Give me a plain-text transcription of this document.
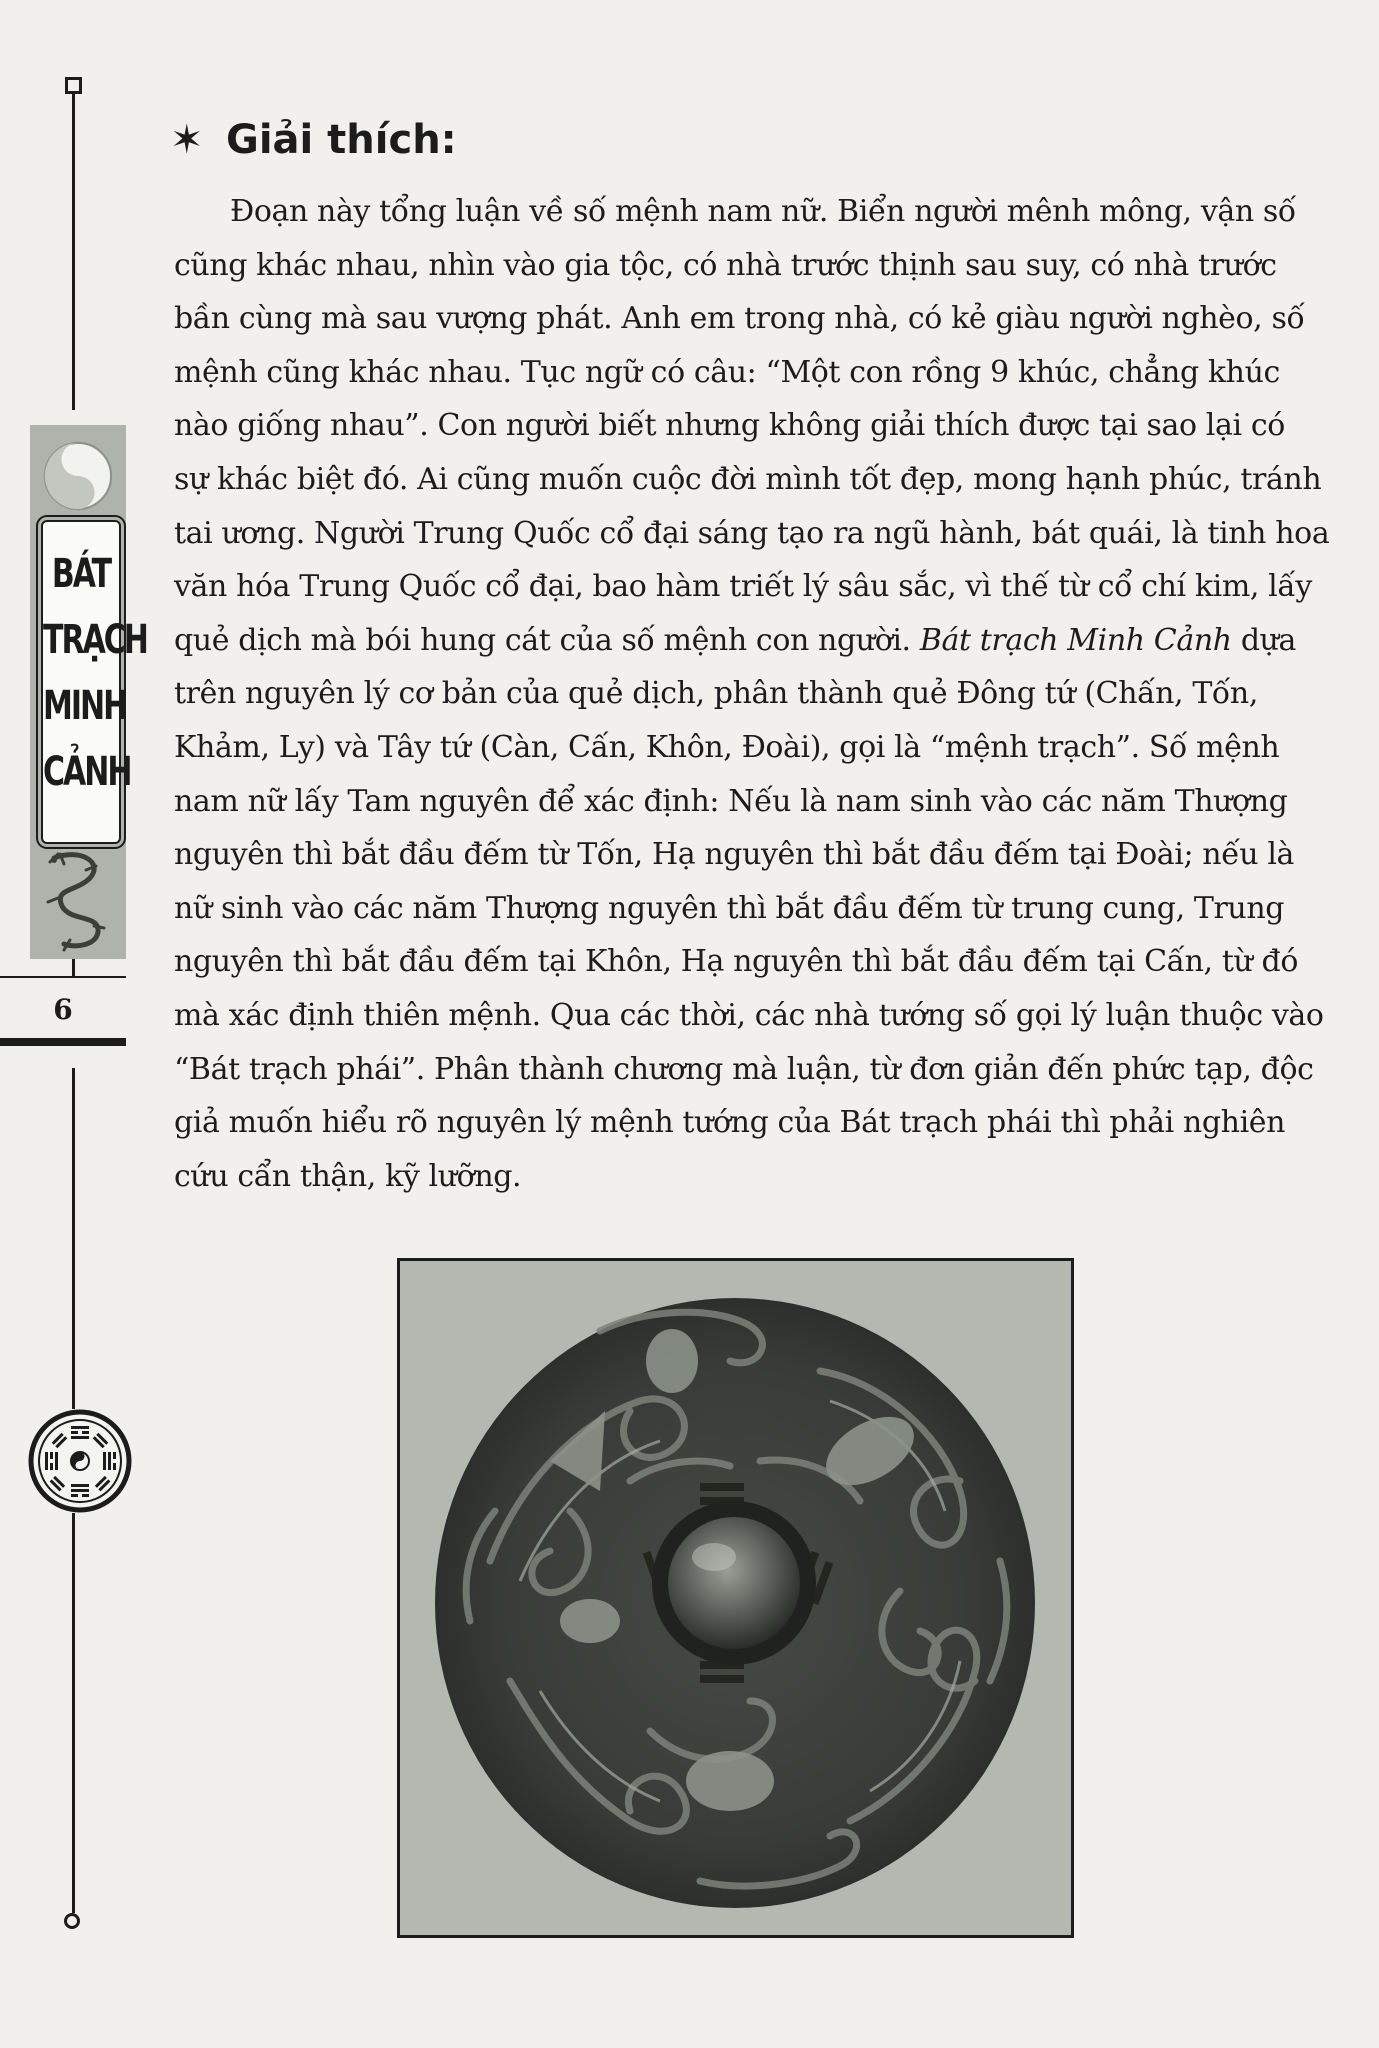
BÁT
TRẠCH
MINH
CẢNH
6
✶ Giải thích:
Đoạn này tổng luận về số mệnh nam nữ. Biển người mênh mông, vận số
cũng khác nhau, nhìn vào gia tộc, có nhà trước thịnh sau suy, có nhà trước
bần cùng mà sau vượng phát. Anh em trong nhà, có kẻ giàu người nghèo, số
mệnh cũng khác nhau. Tục ngữ có câu: “Một con rồng 9 khúc, chẳng khúc
nào giống nhau”. Con người biết nhưng không giải thích được tại sao lại có
sự khác biệt đó. Ai cũng muốn cuộc đời mình tốt đẹp, mong hạnh phúc, tránh
tai ương. Người Trung Quốc cổ đại sáng tạo ra ngũ hành, bát quái, là tinh hoa
văn hóa Trung Quốc cổ đại, bao hàm triết lý sâu sắc, vì thế từ cổ chí kim, lấy
quẻ dịch mà bói hung cát của số mệnh con người. Bát trạch Minh Cảnh dựa
trên nguyên lý cơ bản của quẻ dịch, phân thành quẻ Đông tứ (Chấn, Tốn,
Khảm, Ly) và Tây tứ (Càn, Cấn, Khôn, Đoài), gọi là “mệnh trạch”. Số mệnh
nam nữ lấy Tam nguyên để xác định: Nếu là nam sinh vào các năm Thượng
nguyên thì bắt đầu đếm từ Tốn, Hạ nguyên thì bắt đầu đếm tại Đoài; nếu là
nữ sinh vào các năm Thượng nguyên thì bắt đầu đếm từ trung cung, Trung
nguyên thì bắt đầu đếm tại Khôn, Hạ nguyên thì bắt đầu đếm tại Cấn, từ đó
mà xác định thiên mệnh. Qua các thời, các nhà tướng số gọi lý luận thuộc vào
“Bát trạch phái”. Phân thành chương mà luận, từ đơn giản đến phức tạp, độc
giả muốn hiểu rõ nguyên lý mệnh tướng của Bát trạch phái thì phải nghiên
cứu cẩn thận, kỹ lưỡng.
